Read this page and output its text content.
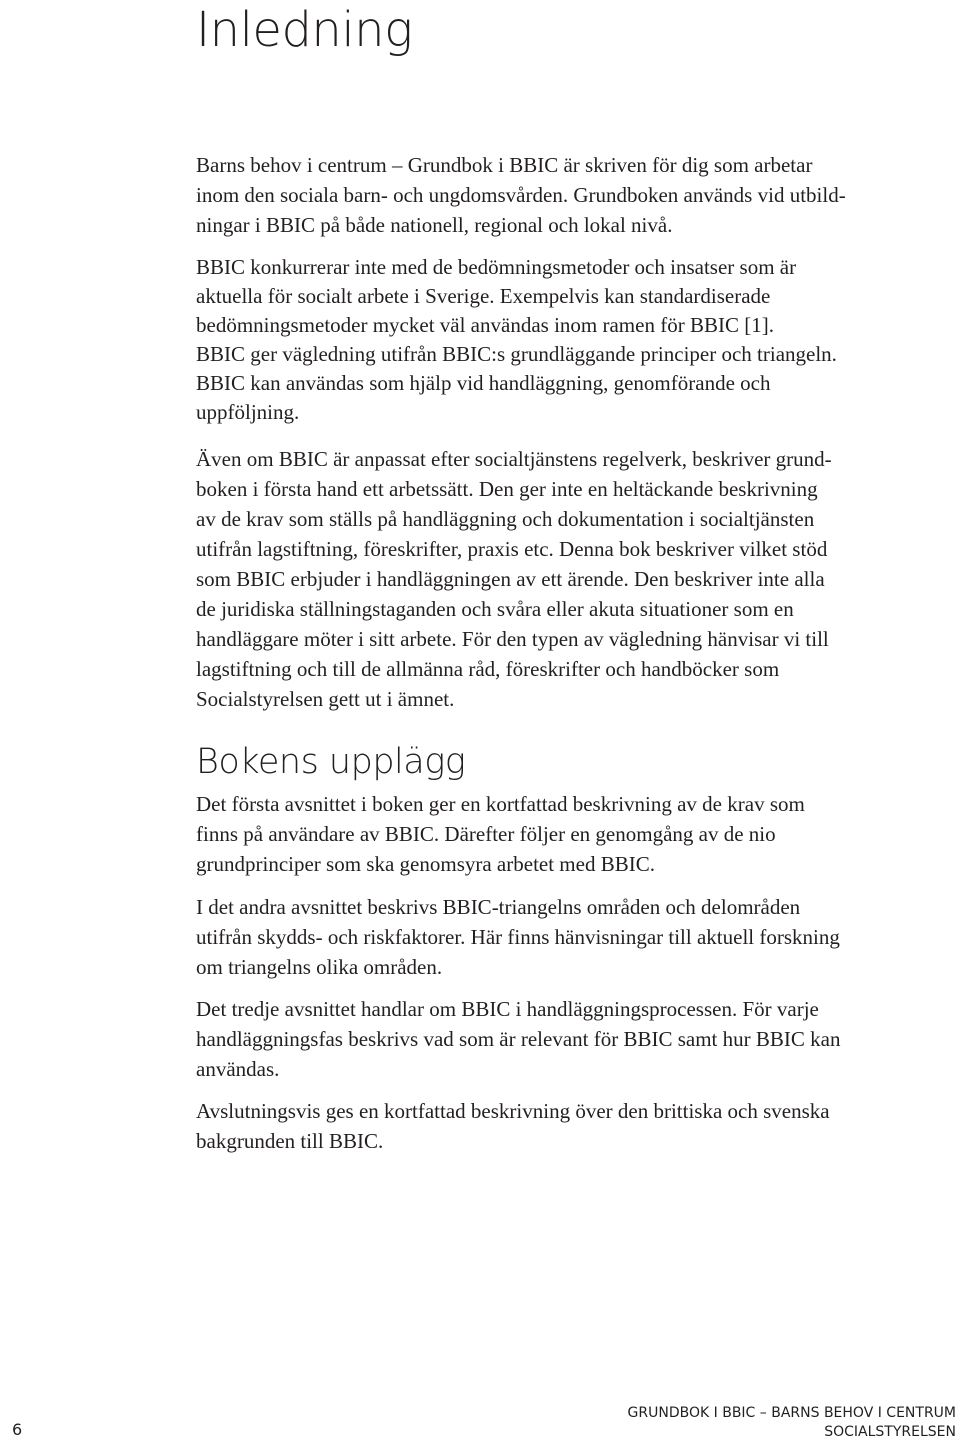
Inledning

Barns behov i centrum – Grundbok i BBIC är skriven för dig som arbetar
inom den sociala barn- och ungdomsvården. Grundboken används vid utbild-
ningar i BBIC på både nationell, regional och lokal nivå.

BBIC konkurrerar inte med de bedömningsmetoder och insatser som är
aktuella för socialt arbete i Sverige. Exempelvis kan standardiserade
bedömningsmetoder mycket väl användas inom ramen för BBIC [1].
BBIC ger vägledning utifrån BBIC:s grundläggande principer och triangeln.
BBIC kan användas som hjälp vid handläggning, genomförande och
uppföljning.

Även om BBIC är anpassat efter socialtjänstens regelverk, beskriver grund-
boken i första hand ett arbetssätt. Den ger inte en heltäckande beskrivning
av de krav som ställs på handläggning och dokumentation i socialtjänsten
utifrån lagstiftning, föreskrifter, praxis etc. Denna bok beskriver vilket stöd
som BBIC erbjuder i handläggningen av ett ärende. Den beskriver inte alla
de juridiska ställningstaganden och svåra eller akuta situationer som en
handläggare möter i sitt arbete. För den typen av vägledning hänvisar vi till
lagstiftning och till de allmänna råd, föreskrifter och handböcker som
Socialstyrelsen gett ut i ämnet.

Bokens upplägg

Det första avsnittet i boken ger en kortfattad beskrivning av de krav som
finns på användare av BBIC. Därefter följer en genomgång av de nio
grundprinciper som ska genomsyra arbetet med BBIC.

I det andra avsnittet beskrivs BBIC-triangelns områden och delområden
utifrån skydds- och riskfaktorer. Här finns hänvisningar till aktuell forskning
om triangelns olika områden.

Det tredje avsnittet handlar om BBIC i handläggningsprocessen. För varje
handläggningsfas beskrivs vad som är relevant för BBIC samt hur BBIC kan
användas.

Avslutningsvis ges en kortfattad beskrivning över den brittiska och svenska
bakgrunden till BBIC.

6
GRUNDBOK I BBIC – BARNS BEHOV I CENTRUM
SOCIALSTYRELSEN
